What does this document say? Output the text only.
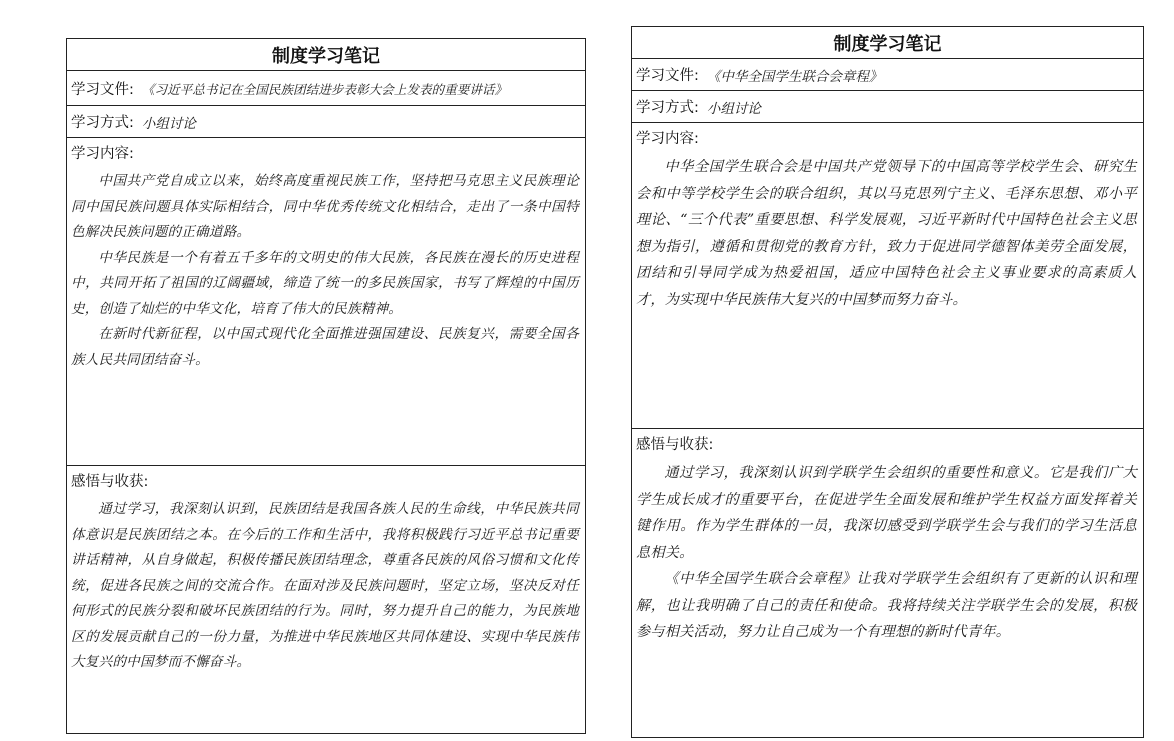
制度学习笔记
学习文件: 《习近平总书记在全国民族团结进步表彰大会上发表的重要讲话》
学习方式: 小组讨论
学习内容:

中国共产党自成立以来，始终高度重视民族工作，坚持把马克思主义民族理论同中国民族问题具体实际相结合，同中华优秀传统文化相结合，走出了一条中国特色解决民族问题的正确道路。

中华民族是一个有着五千多年的文明史的伟大民族，各民族在漫长的历史进程中，共同开拓了祖国的辽阔疆域，缔造了统一的多民族国家，书写了辉煌的中国历史，创造了灿烂的中华文化，培育了伟大的民族精神。

在新时代新征程，以中国式现代化全面推进强国建设、民族复兴，需要全国各族人民共同团结奋斗。

感悟与收获:

通过学习，我深刻认识到，民族团结是我国各族人民的生命线，中华民族共同体意识是民族团结之本。在今后的工作和生活中，我将积极践行习近平总书记重要讲话精神，从自身做起，积极传播民族团结理念，尊重各民族的风俗习惯和文化传统，促进各民族之间的交流合作。在面对涉及民族问题时，坚定立场，坚决反对任何形式的民族分裂和破坏民族团结的行为。同时，努力提升自己的能力，为民族地区的发展贡献自己的一份力量，为推进中华民族地区共同体建设、实现中华民族伟大复兴的中国梦而不懈奋斗。

制度学习笔记
学习文件: 《中华全国学生联合会章程》
学习方式: 小组讨论
学习内容:

中华全国学生联合会是中国共产党领导下的中国高等学校学生会、研究生会和中等学校学生会的联合组织，其以马克思列宁主义、毛泽东思想、邓小平理论、“三个代表”重要思想、科学发展观，习近平新时代中国特色社会主义思想为指引，遵循和贯彻党的教育方针，致力于促进同学德智体美劳全面发展，团结和引导同学成为热爱祖国，适应中国特色社会主义事业要求的高素质人才，为实现中华民族伟大复兴的中国梦而努力奋斗。

感悟与收获:

通过学习，我深刻认识到学联学生会组织的重要性和意义。它是我们广大学生成长成才的重要平台，在促进学生全面发展和维护学生权益方面发挥着关键作用。作为学生群体的一员，我深切感受到学联学生会与我们的学习生活息息相关。

《中华全国学生联合会章程》让我对学联学生会组织有了更新的认识和理解，也让我明确了自己的责任和使命。我将持续关注学联学生会的发展，积极参与相关活动，努力让自己成为一个有理想的新时代青年。
